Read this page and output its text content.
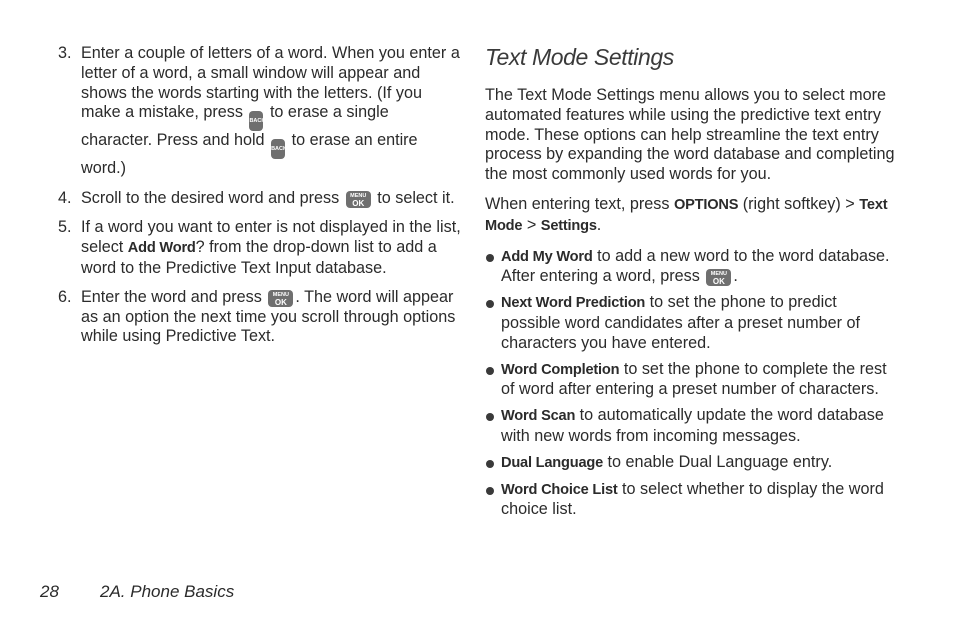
3. Enter a couple of letters of a word. When you enter a letter of a word, a small window will appear and shows the words starting with the letters. (If you make a mistake, press BACK to erase a single character. Press and hold BACK to erase an entire word.)
4. Scroll to the desired word and press MENU
OK to select it.
5. If a word you want to enter is not displayed in the list, select Add Word? from the drop-down list to add a word to the Predictive Text Input database.
6. Enter the word and press MENU
OK . The word will appear as an option the next time you scroll through options while using Predictive Text.
Text Mode Settings

The Text Mode Settings menu allows you to select more automated features while using the predictive text entry mode. These options can help streamline the text entry process by expanding the word database and completing the most commonly used words for you.

When entering text, press OPTIONS (right softkey) > Text Mode > Settings.

Add My Word to add a new word to the word database. After entering a word, press MENU
OK .
Next Word Prediction to set the phone to predict possible word candidates after a preset number of characters you have entered.
Word Completion to set the phone to complete the rest of word after entering a preset number of characters.
Word Scan to automatically update the word database with new words from incoming messages.
Dual Language to enable Dual Language entry.
Word Choice List to select whether to display the word choice list.
28 2A. Phone Basics
